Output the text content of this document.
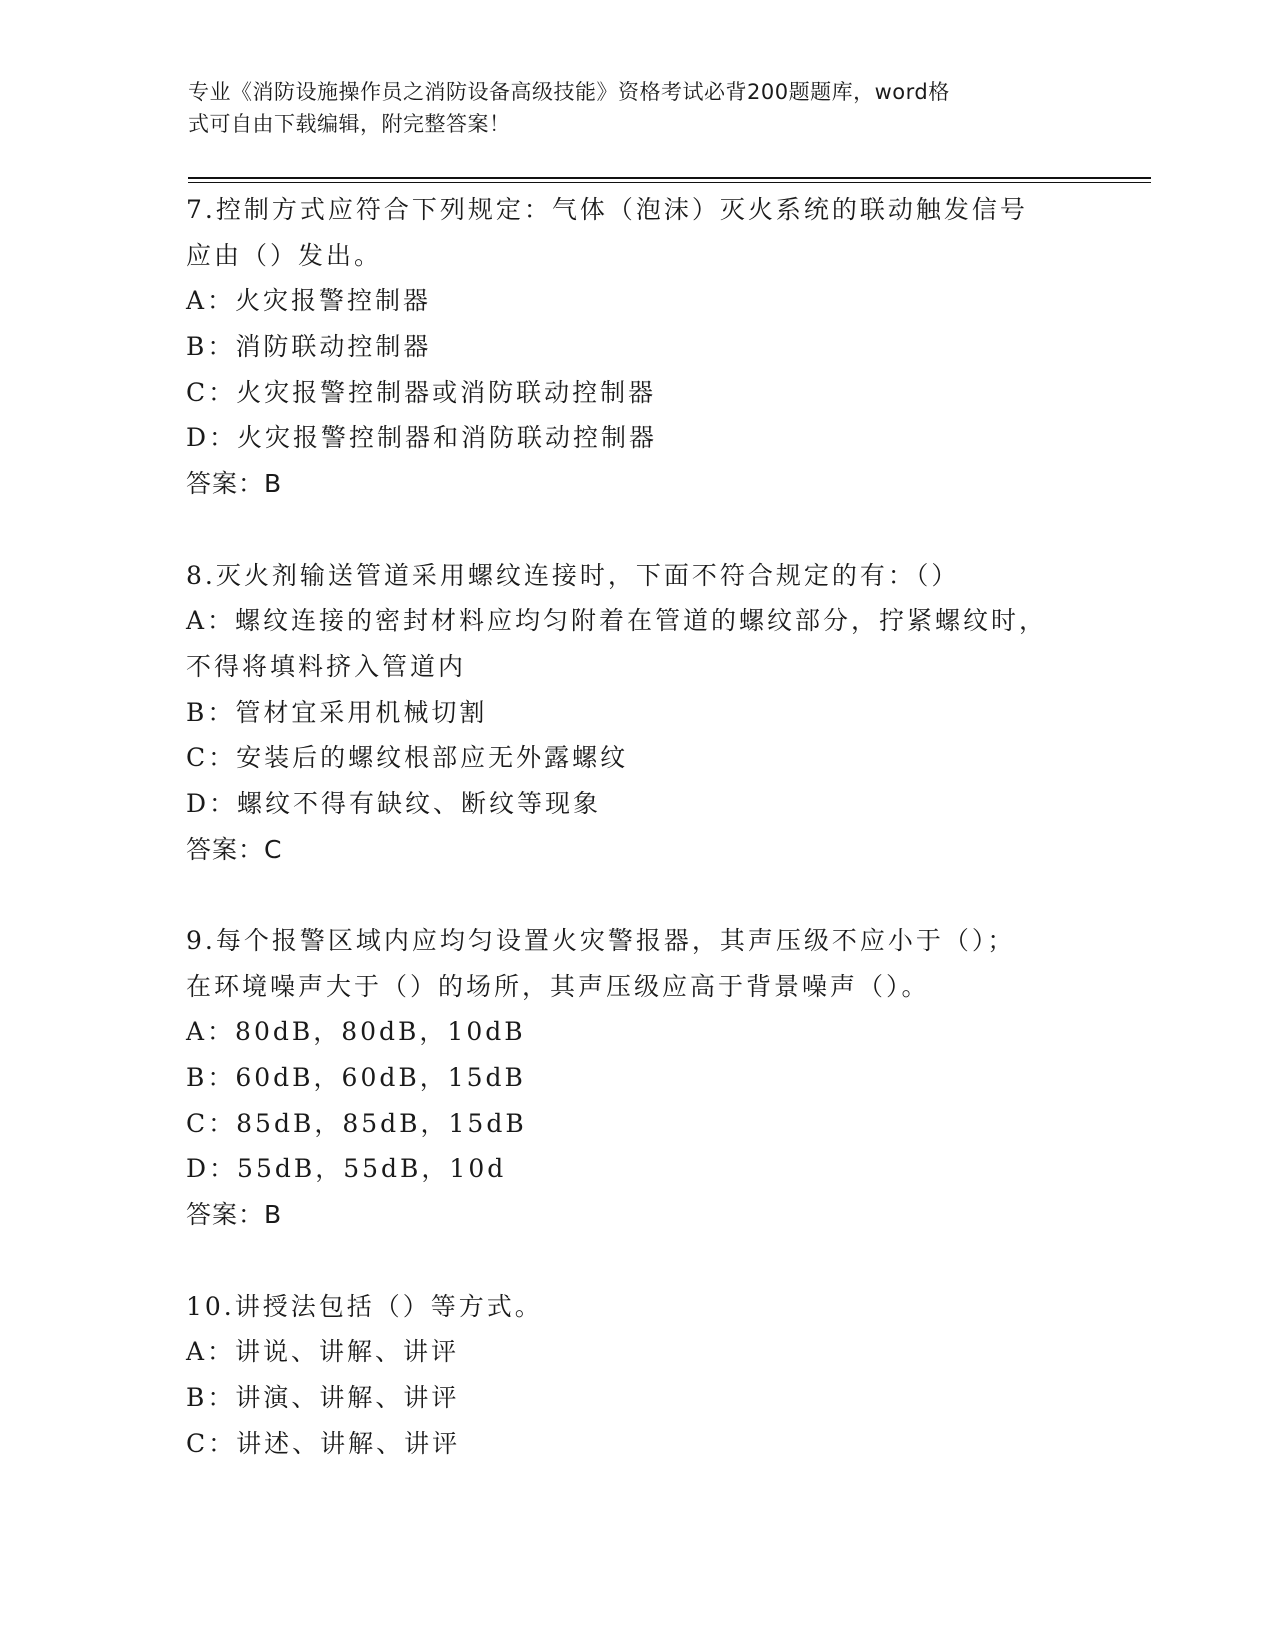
专业《消防设施操作员之消防设备高级技能》资格考试必背200题题库，word格
式可自由下载编辑，附完整答案！
7.控制方式应符合下列规定：气体（泡沫）灭火系统的联动触发信号
应由（）发出。
A：火灾报警控制器
B：消防联动控制器
C：火灾报警控制器或消防联动控制器
D：火灾报警控制器和消防联动控制器
答案：B
8.灭火剂输送管道采用螺纹连接时，下面不符合规定的有：（）
A：螺纹连接的密封材料应均匀附着在管道的螺纹部分，拧紧螺纹时，
不得将填料挤入管道内
B：管材宜采用机械切割
C：安装后的螺纹根部应无外露螺纹
D：螺纹不得有缺纹、断纹等现象
答案：C
9.每个报警区域内应均匀设置火灾警报器，其声压级不应小于（）；
在环境噪声大于（）的场所，其声压级应高于背景噪声（）。
A：80dB，80dB，10dB
B：60dB，60dB，15dB
C：85dB，85dB，15dB
D：55dB，55dB，10d
答案：B
10.讲授法包括（）等方式。
A：讲说、讲解、讲评
B：讲演、讲解、讲评
C：讲述、讲解、讲评
